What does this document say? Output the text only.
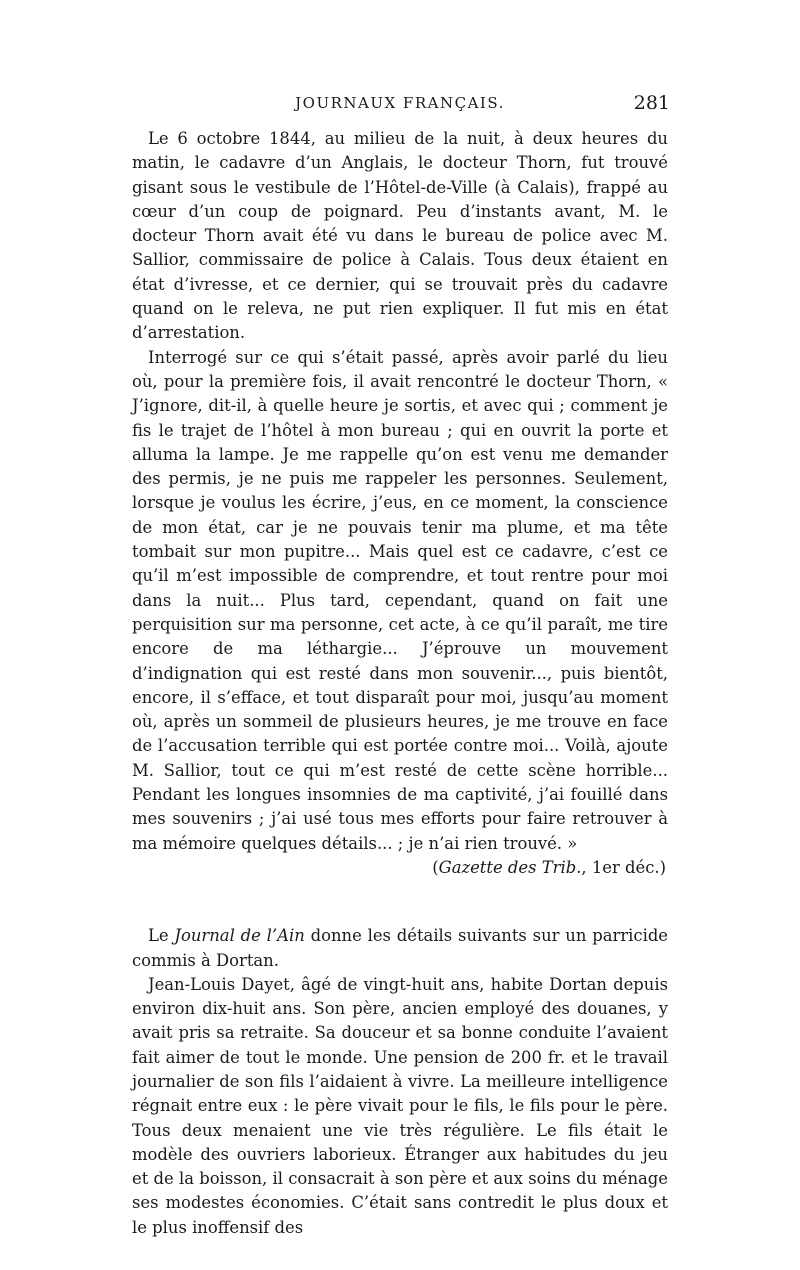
JOURNAUX FRANÇAIS.	281

Le 6 octobre 1844, au milieu de la nuit, à deux heures du matin, le cadavre d’un Anglais, le docteur Thorn, fut trouvé gisant sous le vestibule de l’Hôtel-de-Ville (à Calais), frappé au cœur d’un coup de poignard. Peu d’instants avant, M. le docteur Thorn avait été vu dans le bureau de police avec M. Sallior, commissaire de police à Calais. Tous deux étaient en état d’ivresse, et ce dernier, qui se trouvait près du cadavre quand on le releva, ne put rien expliquer. Il fut mis en état d’arrestation.

Interrogé sur ce qui s’était passé, après avoir parlé du lieu où, pour la première fois, il avait rencontré le docteur Thorn, « J’ignore, dit-il, à quelle heure je sortis, et avec qui ; comment je fis le trajet de l’hôtel à mon bureau ; qui en ouvrit la porte et alluma la lampe. Je me rappelle qu’on est venu me demander des permis, je ne puis me rappeler les personnes. Seulement, lorsque je voulus les écrire, j’eus, en ce moment, la conscience de mon état, car je ne pouvais tenir ma plume, et ma tête tombait sur mon pupitre... Mais quel est ce cadavre, c’est ce qu’il m’est impossible de comprendre, et tout rentre pour moi dans la nuit... Plus tard, cependant, quand on fait une perquisition sur ma personne, cet acte, à ce qu’il paraît, me tire encore de ma léthargie... J’éprouve un mouvement d’indignation qui est resté dans mon souvenir..., puis bientôt, encore, il s’efface, et tout disparaît pour moi, jusqu’au moment où, après un sommeil de plusieurs heures, je me trouve en face de l’accusation terrible qui est portée contre moi... Voilà, ajoute M. Sallior, tout ce qui m’est resté de cette scène horrible... Pendant les longues insomnies de ma captivité, j’ai fouillé dans mes souvenirs ; j’ai usé tous mes efforts pour faire retrouver à ma mémoire quelques détails... ; je n’ai rien trouvé. »

(Gazette des Trib., 1er déc.)

Le Journal de l’Ain donne les détails suivants sur un parricide commis à Dortan.

Jean-Louis Dayet, âgé de vingt-huit ans, habite Dortan depuis environ dix-huit ans. Son père, ancien employé des douanes, y avait pris sa retraite. Sa douceur et sa bonne conduite l’avaient fait aimer de tout le monde. Une pension de 200 fr. et le travail journalier de son fils l’aidaient à vivre. La meilleure intelligence régnait entre eux : le père vivait pour le fils, le fils pour le père. Tous deux menaient une vie très régulière. Le fils était le modèle des ouvriers laborieux. Étranger aux habitudes du jeu et de la boisson, il consacrait à son père et aux soins du ménage ses modestes économies. C’était sans contredit le plus doux et le plus inoffensif des
